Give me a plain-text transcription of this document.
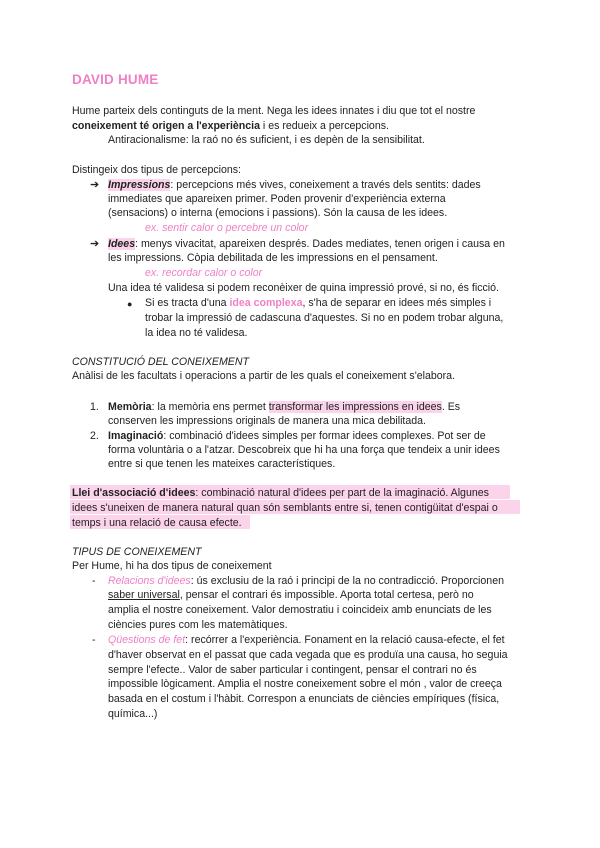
DAVID HUME
Hume parteix dels continguts de la ment. Nega les idees innates i diu que tot el nostre
coneixement té origen a l'experiència i es redueix a percepcions.
Antiracionalisme: la raó no és suficient, i es depèn de la sensibilitat.
Distingeix dos tipus de percepcions:
➔ Impressions: percepcions més vives, coneixement a través dels sentits: dades
immediates que apareixen primer. Poden provenir d'experiència externa
(sensacions) o interna (emocions i passions). Són la causa de les idees.
ex. sentir calor o percebre un color
➔ Idees: menys vivacitat, apareixen després. Dades mediates, tenen origen i causa en
les impressions. Còpia debilitada de les impressions en el pensament.
ex. recordar calor o color
Una idea té validesa si podem reconèixer de quina impressió prové, si no, és ficció.
● Si es tracta d'una idea complexa, s'ha de separar en idees més simples i
trobar la impressió de cadascuna d'aquestes. Si no en podem trobar alguna,
la idea no té validesa.
CONSTITUCIÓ DEL CONEIXEMENT
Anàlisi de les facultats i operacions a partir de les quals el coneixement s'elabora.
1. Memòria: la memòria ens permet transformar les impressions en idees. Es
conserven les impressions originals de manera una mica debilitada.
2. Imaginació: combinació d'idees simples per formar idees complexes. Pot ser de
forma voluntària o a l'atzar. Descobreix que hi ha una força que tendeix a unir idees
entre si que tenen les mateixes característiques.
Llei d'associació d'idees: combinació natural d'idees per part de la imaginació. Algunes
idees s'uneixen de manera natural quan són semblants entre si, tenen contigüitat d'espai o
temps i una relació de causa efecte.
TIPUS DE CONEIXEMENT
Per Hume, hi ha dos tipus de coneixement
- Relacions d'idees: ús exclusiu de la raó i principi de la no contradicció. Proporcionen
saber universal, pensar el contrari és impossible. Aporta total certesa, però no
amplia el nostre coneixement. Valor demostratiu i coincideix amb enunciats de les
ciències pures com les matemàtiques.
- Qüestions de fet: recórrer a l'experiència. Fonament en la relació causa-efecte, el fet
d'haver observat en el passat que cada vegada que es produïa una causa, ho seguia
sempre l'efecte.. Valor de saber particular i contingent, pensar el contrari no és
impossible lògicament. Amplia el nostre coneixement sobre el món , valor de creeça
basada en el costum i l'hàbit. Correspon a enunciats de ciències empíriques (física,
química...)
